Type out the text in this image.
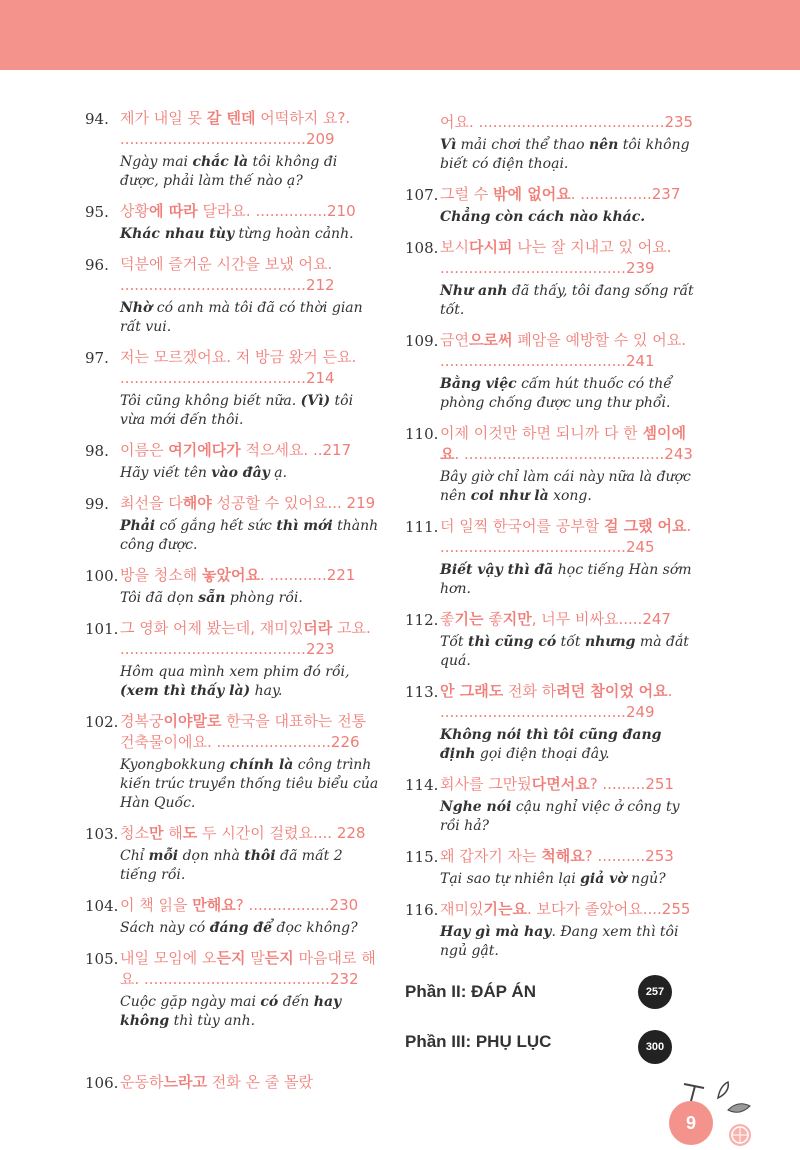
94. 제가 내일 못 갈 텐데 어떡하지 요?. .......................................209

Ngày mai chắc là tôi không đi được, phải làm thế nào ạ?

95. 상황에 따라 달라요. ...............210

Khác nhau tùy từng hoàn cảnh.

96. 덕분에 즐거운 시간을 보냈 어요. .......................................212

Nhờ có anh mà tôi đã có thời gian rất vui.

97. 저는 모르겠어요. 저 방금 왔거 든요. .......................................214

Tôi cũng không biết nữa. (Vì) tôi vừa mới đến thôi.

98. 이름은 여기에다가 적으세요. ..217

Hãy viết tên vào đây ạ.

99. 최선을 다해야 성공할 수 있어요... 219

Phải cố gắng hết sức thì mới thành công được.

100. 방을 청소해 놓았어요. ............221

Tôi đã dọn sẵn phòng rồi.

101. 그 영화 어제 봤는데, 재미있더라 고요. .......................................223

Hôm qua mình xem phim đó rồi, (xem thì thấy là) hay.

102. 경복궁이야말로 한국을 대표하는 전통 건축물이에요. ........................226

Kyongbokkung chính là công trình kiến trúc truyền thống tiêu biểu của Hàn Quốc.

103. 청소만 해도 두 시간이 걸렸요.... 228

Chỉ mỗi dọn nhà thôi đã mất 2 tiếng rồi.

104. 이 책 읽을 만해요? .................230

Sách này có đáng để đọc không?

105. 내일 모임에 오든지 말든지 마음대로 해요. .......................................232

Cuộc gặp ngày mai có đến hay không thì tùy anh.

어요. .......................................235

Vì mải chơi thể thao nên tôi không biết có điện thoại.

107. 그럴 수 밖에 없어요. ...............237

Chẳng còn cách nào khác.

108. 보시다시피 나는 잘 지내고 있 어요. .......................................239

Như anh đã thấy, tôi đang sống rất tốt.

109. 금연으로써 폐암을 예방할 수 있 어요. .......................................241

Bằng việc cấm hút thuốc có thể phòng chống được ung thư phổi.

110. 이제 이것만 하면 되니까 다 한 셈이에 요. ..........................................243

Bây giờ chỉ làm cái này nữa là được nên coi như là xong.

111. 더 일찍 한국어를 공부할 걸 그랬 어요. .......................................245

Biết vậy thì đã học tiếng Hàn sớm hơn.

112. 좋기는 좋지만, 너무 비싸요.....247

Tốt thì cũng có tốt nhưng mà đắt quá.

113. 안 그래도 전화 하려던 참이었 어요. .......................................249

Không nói thì tôi cũng đang định gọi điện thoại đây.

114. 회사를 그만뒀다면서요? .........251

Nghe nói cậu nghỉ việc ở công ty rồi hả?

115. 왜 갑자기 자는 척해요? ..........253

Tại sao tự nhiên lại giả vờ ngủ?

116. 재미있기는요. 보다가 졸았어요....255

Hay gì mà hay. Đang xem thì tôi ngủ gật.

106. 운동하느라고 전화 온 줄 몰랐

Phần II: ĐÁP ÁN	257
Phần III: PHỤ LỤC	300
9
